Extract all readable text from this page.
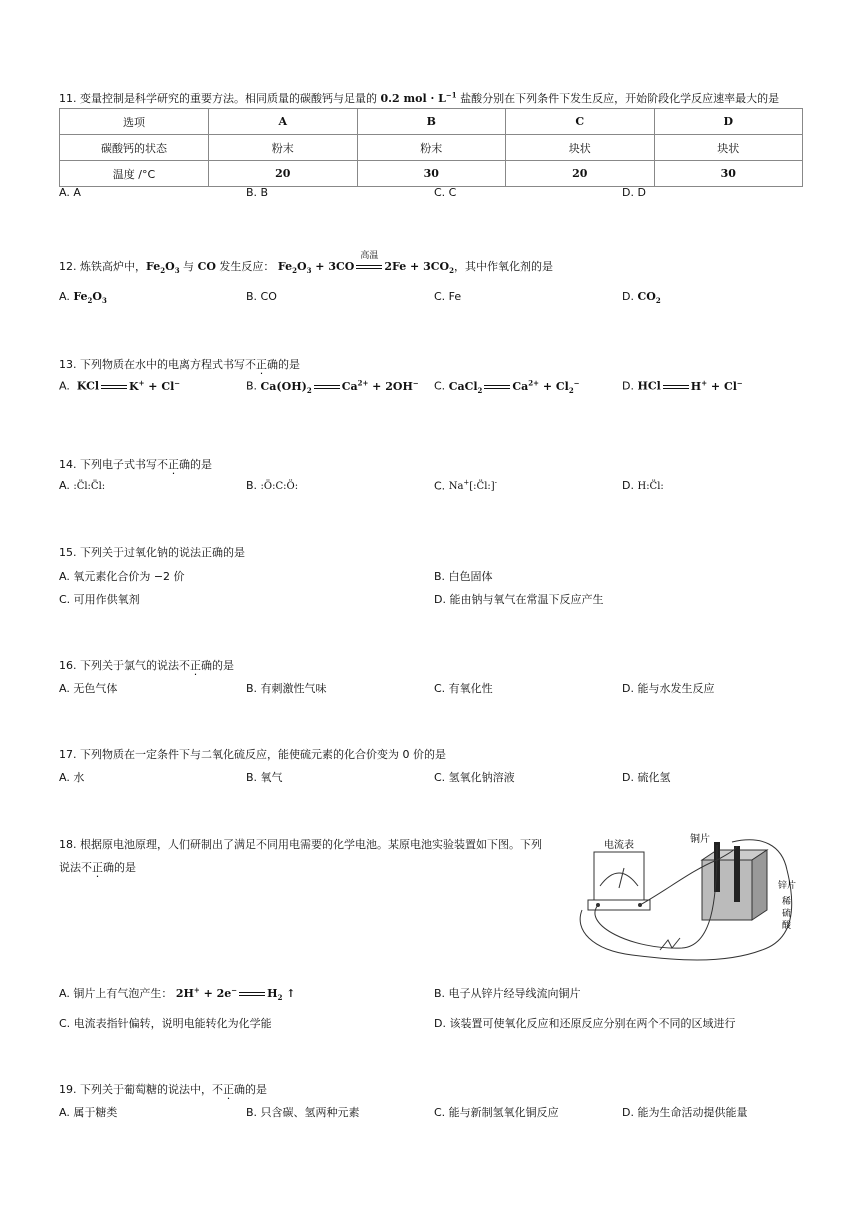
11. 变量控制是科学研究的重要方法。相同质量的碳酸钙与足量的 0.2 mol · $L^{-1}$ 盐酸分别在下列条件下发生反应，开始阶段化学反应速率最大的是
选项	A	B	C	D
碳酸钙的状态	粉末	粉末	块状	块状
温度 /°C	20	30	20	30
A. A	B. B	C. C	D. D
12. 炼铁高炉中，$Fe_2O_3$ 与 CO 发生反应： $Fe_2O_3 + 3CO$
高温
$2Fe + 3CO_2$，其中作氧化剂的是
A. $Fe_2O_3$	B. CO	C. Fe	D. $CO_2$
13. 下列物质在水中的电离方程式书写不正确的是
A. KCl	K+ + Cl−	B. $Ca(OH)_2$	$Ca^{2+} + 2OH^-$ C. CaCl$_2$	$Ca^{2+} + Cl_2^-$	D. HCl	H+ + Cl−
14. 下列电子式书写不正确的是
A. :C̈l:C̈l:	B. :Ö:C:Ö:	C. Na+[:C̈l:]-	D. H:C̈l:
15. 下列关于过氧化钠的说法正确的是
A. 氧元素化合价为 −2 价	B. 白色固体
C. 可用作供氧剂	D. 能由钠与氧气在常温下反应产生
16. 下列关于氯气的说法不正确的是
A. 无色气体	B. 有刺激性气味	C. 有氧化性	D. 能与水发生反应
17. 下列物质在一定条件下与二氧化硫反应，能使硫元素的化合价变为 0 价的是
A. 水	B. 氧气	C. 氢氧化钠溶液	D. 硫化氢
18. 根据原电池原理，人们研制出了满足不同用电需要的化学电池。某原电池实验装置如下图。下列
说法不正确的是
电流表
铜片
锌片
稀
硫
酸
A. 铜片上有气泡产生： 2H+ + 2e−	$H_2$ ↑	B. 电子从锌片经导线流向铜片
C. 电流表指针偏转，说明电能转化为化学能	D. 该装置可使氧化反应和还原反应分别在两个不同的区域进行
19. 下列关于葡萄糖的说法中，不正确的是
A. 属于糖类	B. 只含碳、氢两种元素	C. 能与新制氢氧化铜反应	D. 能为生命活动提供能量
